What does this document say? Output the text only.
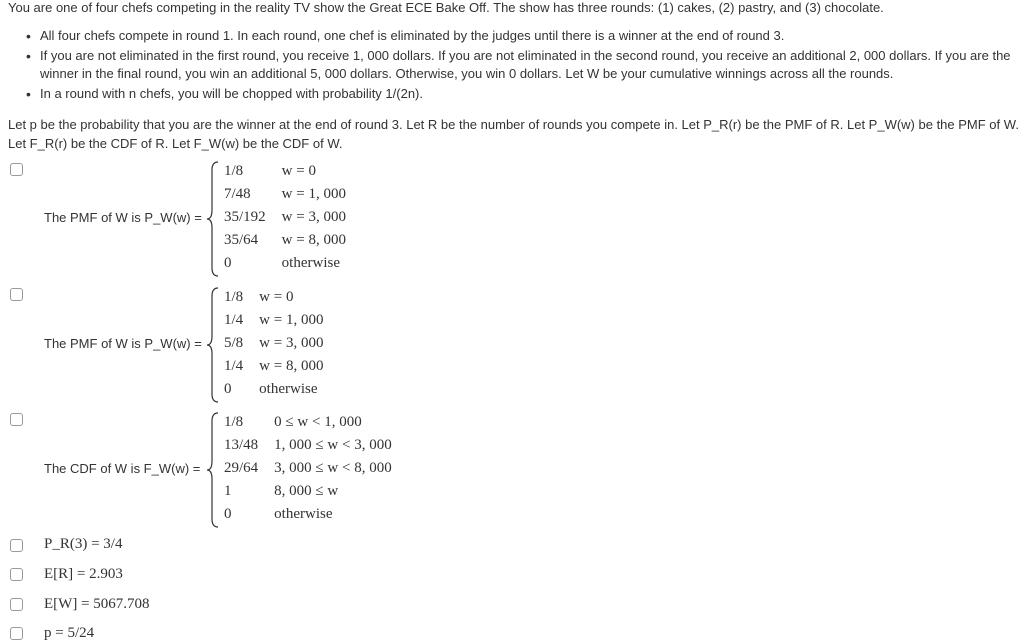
You are one of four chefs competing in the reality TV show the Great ECE Bake Off. The show has three rounds: (1) cakes, (2) pastry, and (3) chocolate.
• All four chefs compete in round 1. In each round, one chef is eliminated by the judges until there is a winner at the end of round 3.
• If you are not eliminated in the first round, you receive 1, 000 dollars. If you are not eliminated in the second round, you receive an additional 2, 000 dollars. If you are the winner in the final round, you win an additional 5, 000 dollars. Otherwise, you win 0 dollars. Let W be your cumulative winnings across all the rounds.
• In a round with n chefs, you will be chopped with probability 1/(2n).
Let p be the probability that you are the winner at the end of round 3. Let R be the number of rounds you compete in. Let P_R(r) be the PMF of R. Let P_W(w) be the PMF of W. Let F_R(r) be the CDF of R. Let F_W(w) be the CDF of W.
The PMF of W is P_W(w) =
1/8	w = 0
7/48	w = 1, 000
35/192	w = 3, 000
35/64	w = 8, 000
0	otherwise
The PMF of W is P_W(w) =
1/8	w = 0
1/4	w = 1, 000
5/8	w = 3, 000
1/4	w = 8, 000
0	otherwise
The CDF of W is F_W(w) =
1/8	0 ≤ w < 1, 000
13/48	1, 000 ≤ w < 3, 000
29/64	3, 000 ≤ w < 8, 000
1	8, 000 ≤ w
0	otherwise
P_R(3) = 3/4
E[R] = 2.903
E[W] = 5067.708
p = 5/24
